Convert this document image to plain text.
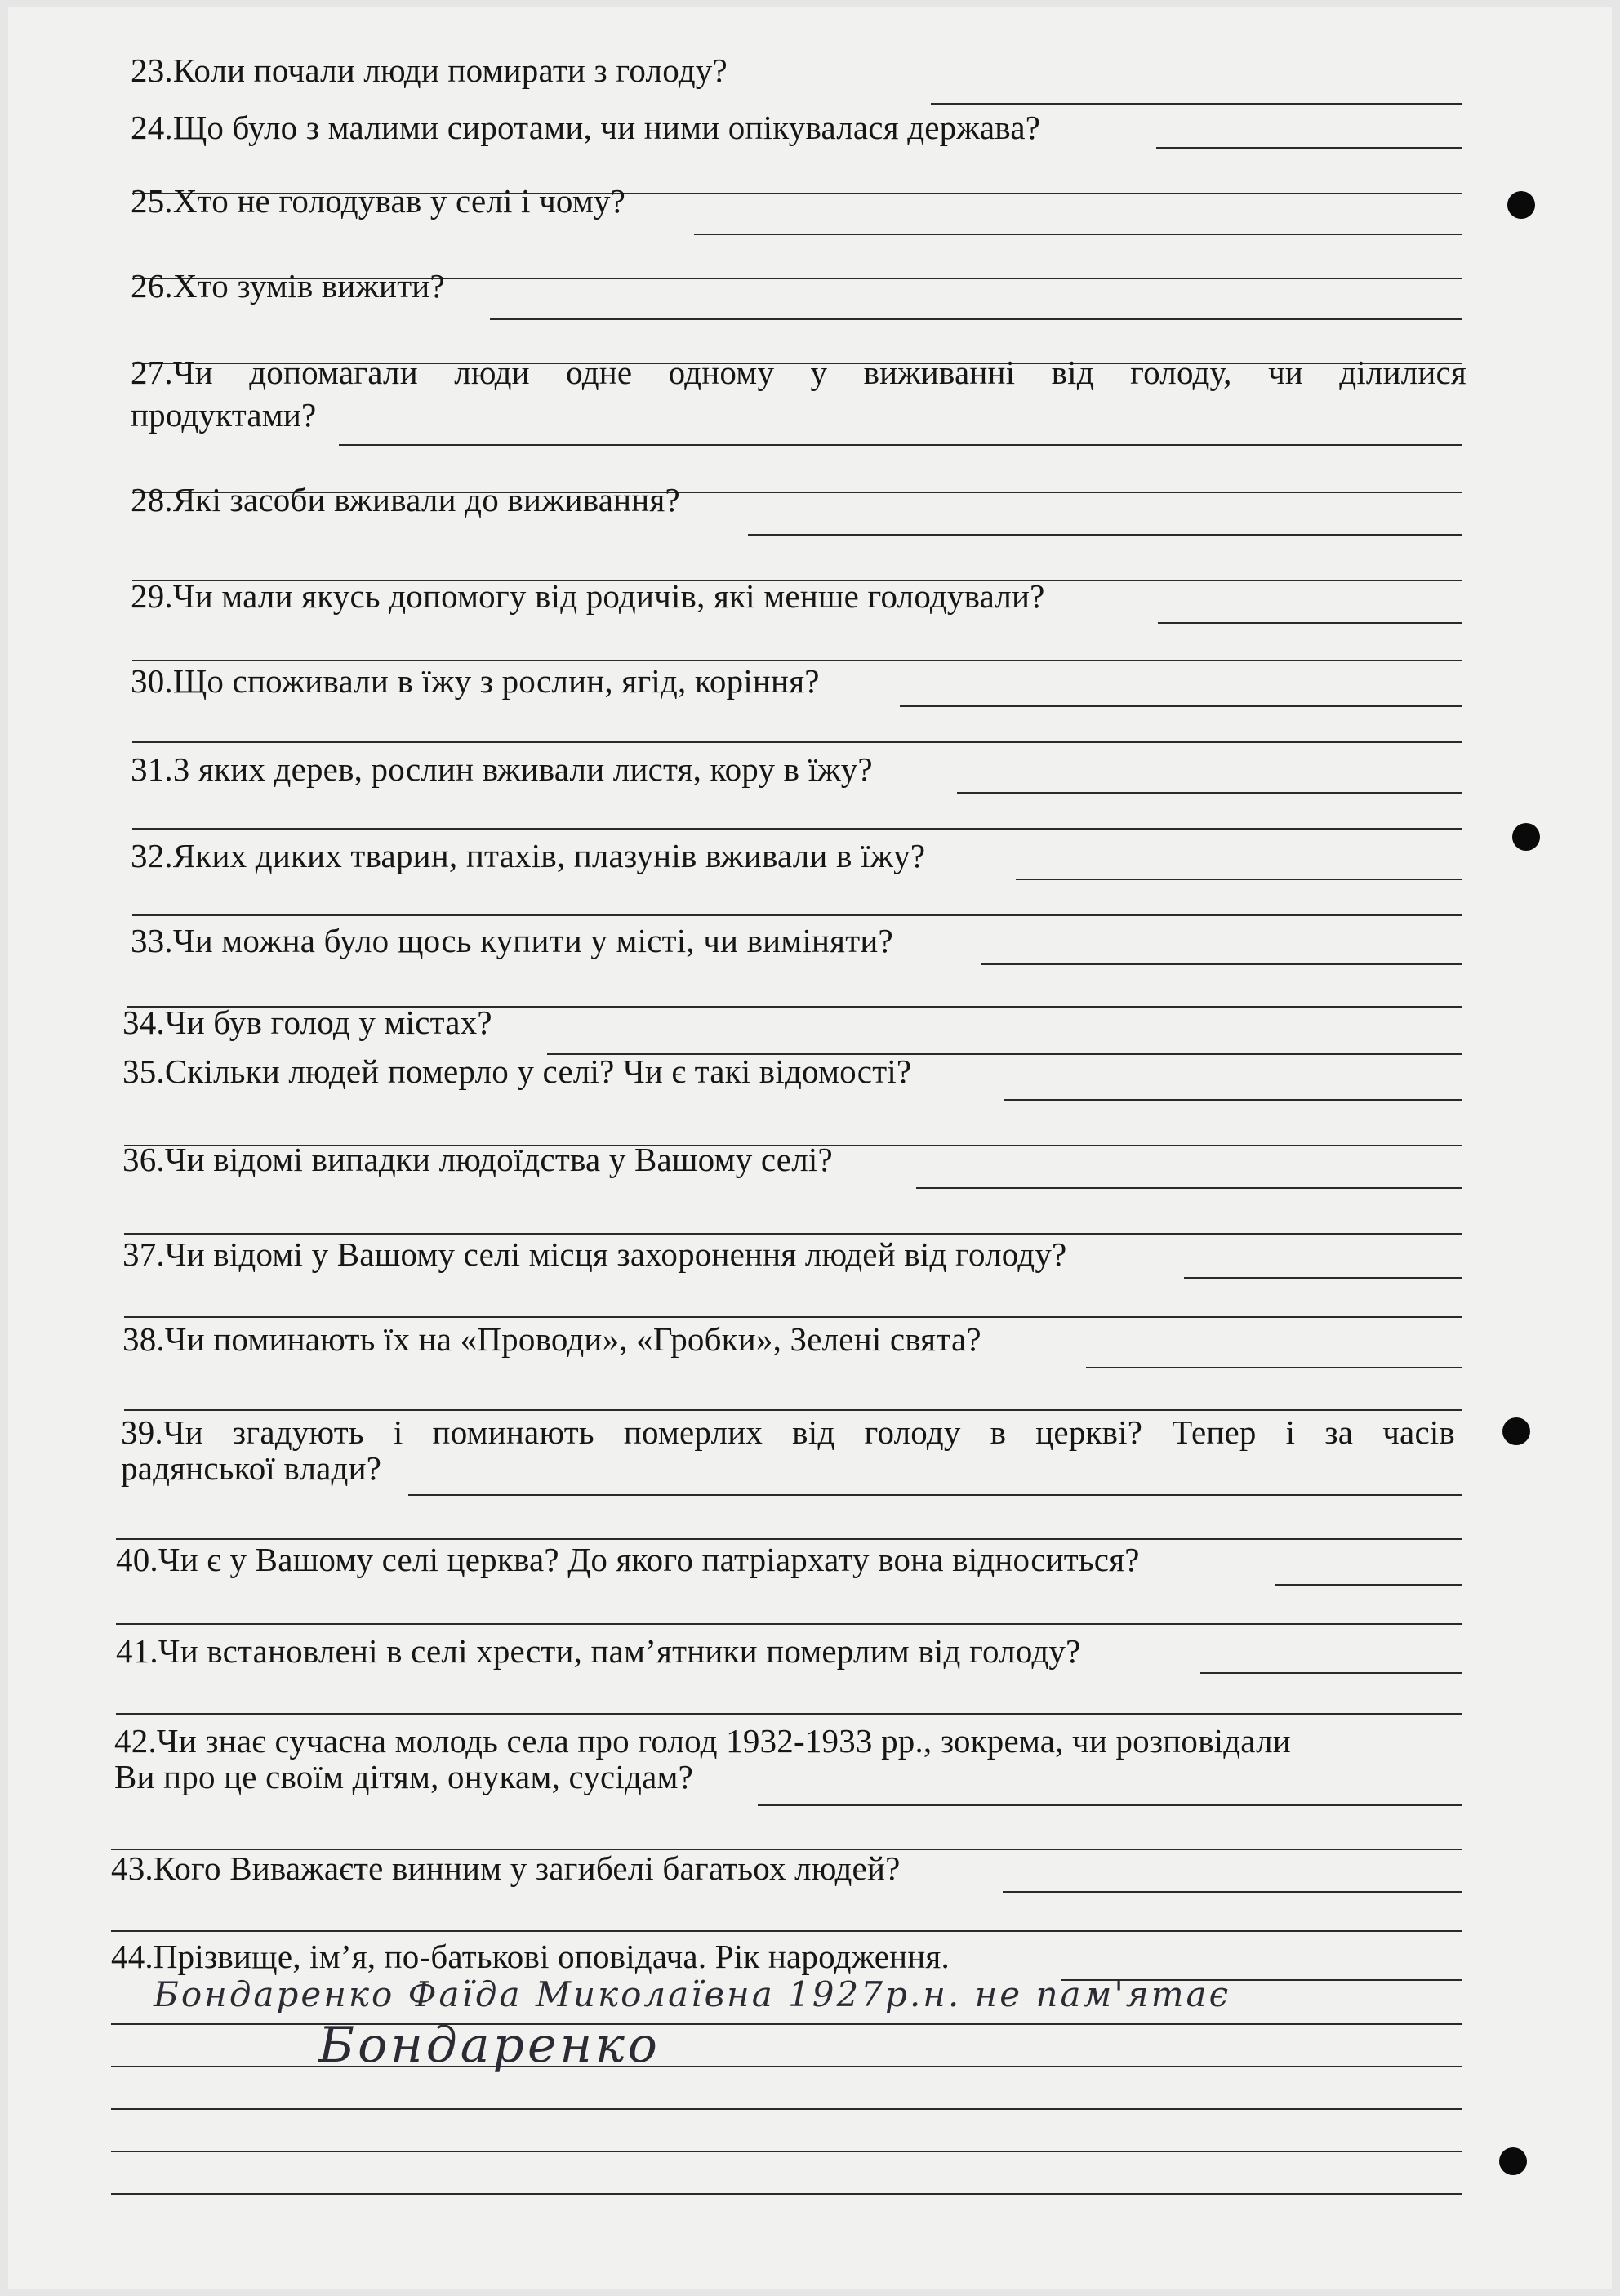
23.Коли почали люди помирати з голоду?
24.Що було з малими сиротами, чи ними опікувалася держава?
25.Хто не голодував у селі і чому?
26.Хто зумів вижити?
27.Чи допомагали люди одне одному у виживанні від голоду, чи ділилися
продуктами?
28.Які засоби вживали до виживання?
29.Чи мали якусь допомогу від родичів, які менше голодували?
30.Що споживали в їжу з рослин, ягід, коріння?
31.З яких дерев, рослин вживали листя, кору в їжу?
32.Яких диких тварин, птахів, плазунів вживали в їжу?
33.Чи можна було щось купити у місті, чи виміняти?
34.Чи був голод у містах?
35.Скільки людей померло у селі? Чи є такі відомості?
36.Чи відомі випадки людоїдства у Вашому селі?
37.Чи відомі у Вашому селі місця захоронення людей від голоду?
38.Чи поминають їх на «Проводи», «Гробки», Зелені свята?
39.Чи згадують і поминають померлих від голоду в церкві? Тепер і за часів
радянської влади?
40.Чи є у Вашому селі церква? До якого патріархату вона відноситься?
41.Чи встановлені в селі хрести, пам’ятники померлим від голоду?
42.Чи знає сучасна молодь села про голод 1932-1933 рр., зокрема, чи розповідали
Ви про це своїм дітям, онукам, сусідам?
43.Кого Виважаєте винним у загибелі багатьох людей?
44.Прізвище, ім’я, по-батькові оповідача. Рік народження.
Бондаренко Фаїда Миколаївна 1927р.н. не пам'ятає
Бондаренко
